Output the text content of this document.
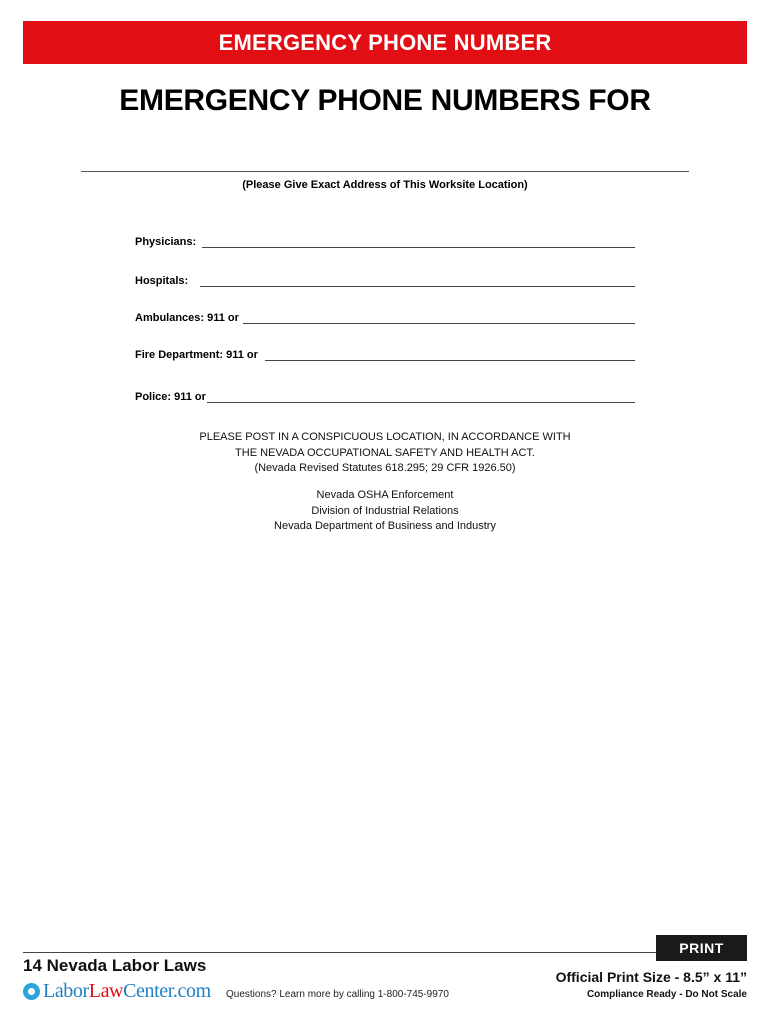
EMERGENCY PHONE NUMBER
EMERGENCY PHONE NUMBERS FOR
(Please Give Exact Address of This Worksite Location)
Physicians:
Hospitals:
Ambulances: 911 or
Fire Department: 911 or
Police: 911 or
PLEASE POST IN A CONSPICUOUS LOCATION, IN ACCORDANCE WITH
THE NEVADA OCCUPATIONAL SAFETY AND HEALTH ACT.
(Nevada Revised Statutes 618.295; 29 CFR 1926.50)
Nevada OSHA Enforcement
Division of Industrial Relations
Nevada Department of Business and Industry
PRINT
14 Nevada Labor Laws
LaborLawCenter.com Questions? Learn more by calling 1-800-745-9970
Official Print Size - 8.5” x 11”
Compliance Ready - Do Not Scale
